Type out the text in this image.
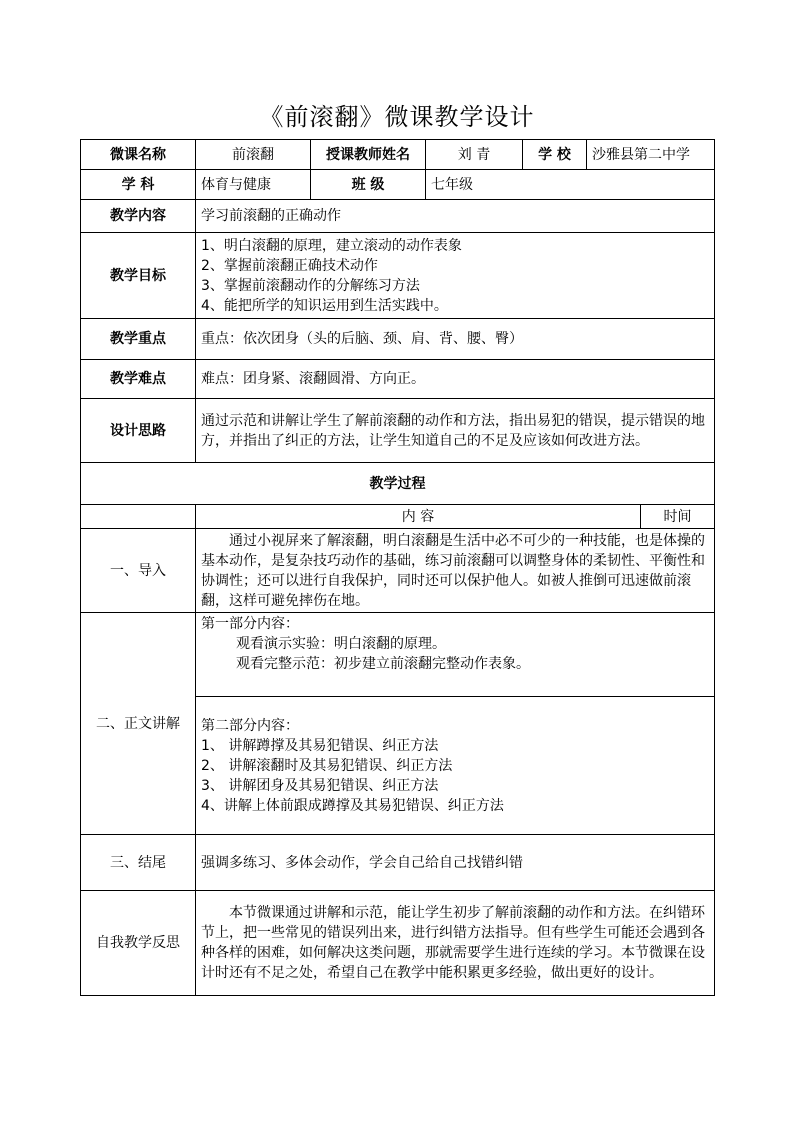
《前滚翻》微课教学设计
微课名称	前滚翻	授课教师姓名	刘 青	学 校	沙雅县第二中学	
学 科	体育与健康	班 级	七年级			
教学内容	学习前滚翻的正确动作					
教学目标	1、明白滚翻的原理，建立滚动的动作表象
2、掌握前滚翻正确技术动作
3、掌握前滚翻动作的分解练习方法
4、能把所学的知识运用到生活实践中。					

教学重点	重点：依次团身（头的后脑、颈、肩、背、腰、臀）					
教学难点	难点：团身紧、滚翻圆滑、方向正。					
设计思路	通过示范和讲解让学生了解前滚翻的动作和方法，指出易犯的错误，提示错误的地方，并指出了纠正的方法，让学生知道自己的不足及应该如何改进方法。					
教学过程						
	内 容					时间
一、导入	通过小视屏来了解滚翻，明白滚翻是生活中必不可少的一种技能，也是体操的基本动作，是复杂技巧动作的基础，练习前滚翻可以调整身体的柔韧性、平衡性和协调性；还可以进行自我保护，同时还可以保护他人。如被人推倒可迅速做前滚翻，这样可避免摔伤在地。					
二、正文讲解	第一部分内容：
观看演示实验：明白滚翻的原理。
观看完整示范：初步建立前滚翻完整动作表象。					

	第二部分内容：
1、 讲解蹲撑及其易犯错误、纠正方法
2、 讲解滚翻时及其易犯错误、纠正方法
3、 讲解团身及其易犯错误、纠正方法
4、讲解上体前跟成蹲撑及其易犯错误、纠正方法					

三、结尾	强调多练习、多体会动作，学会自己给自己找错纠错					
自我教学反思	本节微课通过讲解和示范，能让学生初步了解前滚翻的动作和方法。在纠错环节上，把一些常见的错误列出来，进行纠错方法指导。但有些学生可能还会遇到各种各样的困难，如何解决这类问题，那就需要学生进行连续的学习。本节微课在设计时还有不足之处，希望自己在教学中能积累更多经验，做出更好的设计。					
